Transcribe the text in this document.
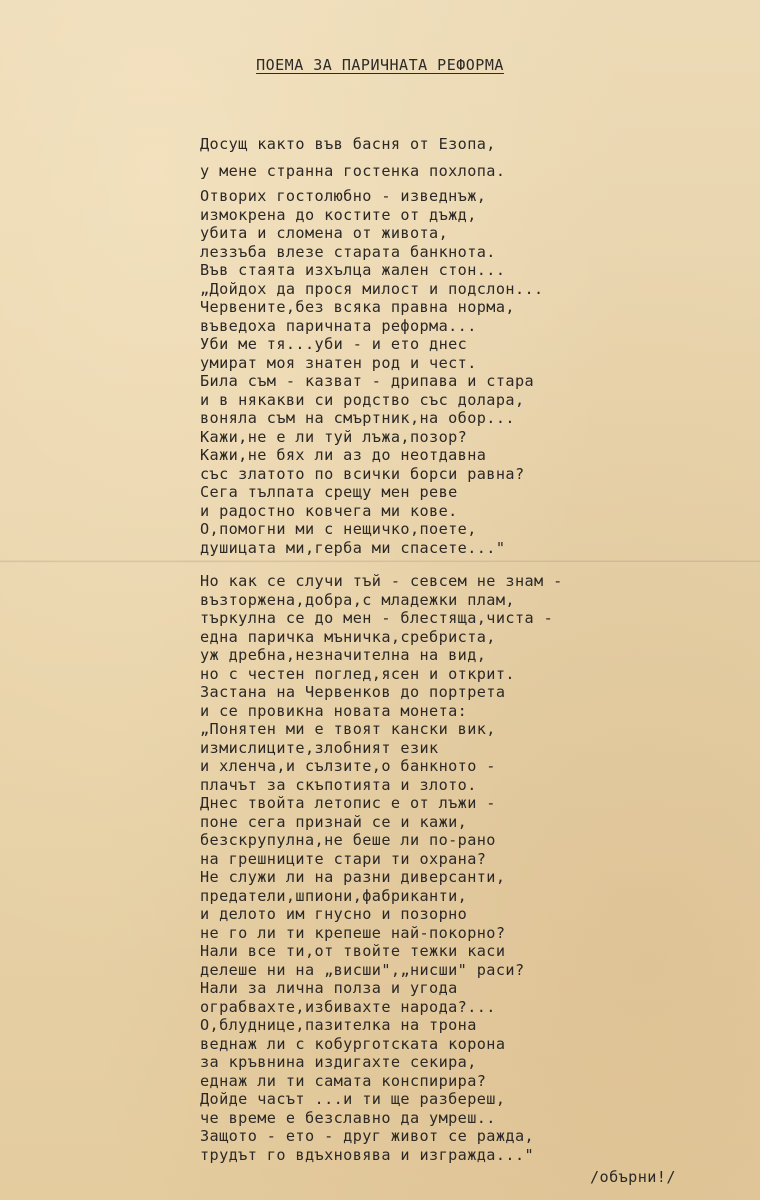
ПОЕМА ЗА ПАРИЧНАТА РЕФОРМА
Досущ както във басня от Езопа,
у мене странна гостенка похлопа.
Отворих гостолюбно - изведнъж,
измокрена до костите от дъжд,
убита и сломена от живота,
леззъба влезе старата банкнота.
Във стаята изхълца жален стон...
„Дойдох да прося милост и подслон...
Червените,без всяка правна норма,
въведоха паричната реформа...
Уби ме тя...уби - и ето днес
умират моя знатен род и чест.
Била съм - казват - дрипава и стара
и в някакви си родство със долара,
воняла съм на смъртник,на обор...
Кажи,не е ли туй лъжа,позор?
Кажи,не бях ли аз до неотдавна
със златото по всички борси равна?
Сега тълпата срещу мен реве
и радостно ковчега ми кове.
О,помогни ми с нещичко,поете,
душицата ми,герба ми спасете..."
Но как се случи тъй - севсем не знам -
възторжена,добра,с младежки плам,
търкулна се до мен - блестяща,чиста -
една паричка мъничка,сребриста,
уж дребна,незначителна на вид,
но с честен поглед,ясен и открит.
Застана на Червенков до портрета
и се провикна новата монета:
„Понятен ми е твоят кански вик,
измислиците,злобният език
и хленча,и сълзите,о банкното -
плачът за скъпотията и злото.
Днес твойта летопис е от лъжи -
поне сега признай се и кажи,
безскрупулна,не беше ли по-рано
на грешниците стари ти охрана?
Не служи ли на разни диверсанти,
предатели,шпиони,фабриканти,
и делото им гнусно и позорно
не го ли ти крепеше най-покорно?
Нали все ти,от твойте тежки каси
делеше ни на „висши",„нисши" раси?
Нали за лична полза и угода
ограбвахте,избивахте народа?...
О,блуднице,пазителка на трона
веднаж ли с кобурготската корона
за кръвнина издигахте секира,
еднаж ли ти самата конспирира?
Дойде часът ...и ти ще разбереш,
че време е безславно да умреш..
Защото - ето - друг живот се ражда,
трудът го вдъхновява и изгражда..."
/обърни!/
